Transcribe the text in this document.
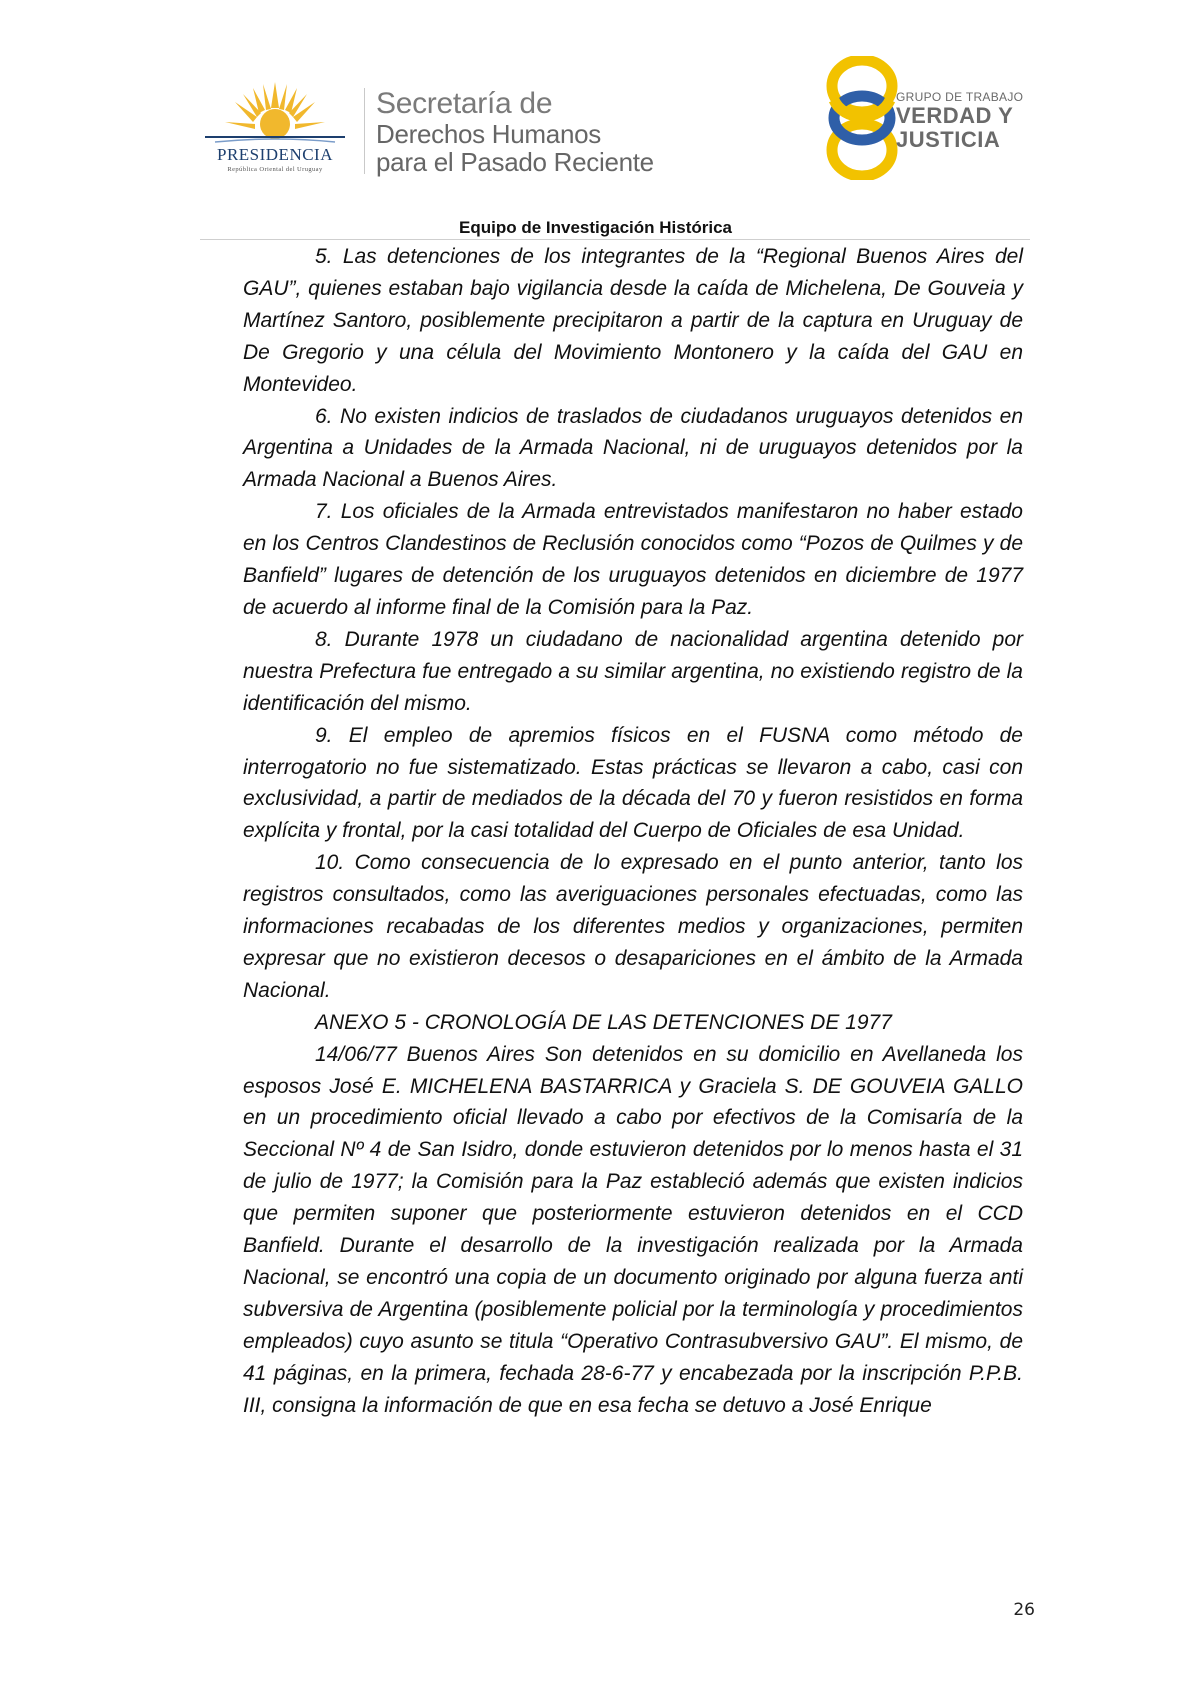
PRESIDENCIA
República Oriental del Uruguay
Secretaría de
Derechos Humanos
para el Pasado Reciente
GRUPO DE TRABAJO
VERDAD Y
JUSTICIA
Equipo de Investigación Histórica

5. Las detenciones de los integrantes de la “Regional Buenos Aires del GAU”, quienes estaban bajo vigilancia desde la caída de Michelena, De Gouveia y Martínez Santoro, posiblemente precipitaron a partir de la captura en Uruguay de De Gregorio y una célula del Movimiento Montonero y la caída del GAU en Montevideo.

6. No existen indicios de traslados de ciudadanos uruguayos detenidos en Argentina a Unidades de la Armada Nacional, ni de uruguayos detenidos por la Armada Nacional a Buenos Aires.

7. Los oficiales de la Armada entrevistados manifestaron no haber estado en los Centros Clandestinos de Reclusión conocidos como “Pozos de Quilmes y de Banfield” lugares de detención de los uruguayos detenidos en diciembre de 1977 de acuerdo al informe final de la Comisión para la Paz.

8. Durante 1978 un ciudadano de nacionalidad argentina detenido por nuestra Prefectura fue entregado a su similar argentina, no existiendo registro de la identificación del mismo.

9. El empleo de apremios físicos en el FUSNA como método de interrogatorio no fue sistematizado. Estas prácticas se llevaron a cabo, casi con exclusividad, a partir de mediados de la década del 70 y fueron resistidos en forma explícita y frontal, por la casi totalidad del Cuerpo de Oficiales de esa Unidad.

10. Como consecuencia de lo expresado en el punto anterior, tanto los registros consultados, como las averiguaciones personales efectuadas, como las informaciones recabadas de los diferentes medios y organizaciones, permiten expresar que no existieron decesos o desapariciones en el ámbito de la Armada Nacional.

ANEXO 5 - CRONOLOGÍA DE LAS DETENCIONES DE 1977

14/06/77 Buenos Aires Son detenidos en su domicilio en Avellaneda los esposos José E. MICHELENA BASTARRICA y Graciela S. DE GOUVEIA GALLO en un procedimiento oficial llevado a cabo por efectivos de la Comisaría de la Seccional Nº 4 de San Isidro, donde estuvieron detenidos por lo menos hasta el 31 de julio de 1977; la Comisión para la Paz estableció además que existen indicios que permiten suponer que posteriormente estuvieron detenidos en el CCD Banfield. Durante el desarrollo de la investigación realizada por la Armada Nacional, se encontró una copia de un documento originado por alguna fuerza anti subversiva de Argentina (posiblemente policial por la terminología y procedimientos empleados) cuyo asunto se titula “Operativo Contrasubversivo GAU”. El mismo, de 41 páginas, en la primera, fechada 28-6-77 y encabezada por la inscripción P.P.B. III, consigna la información de que en esa fecha se detuvo a José Enrique

26
